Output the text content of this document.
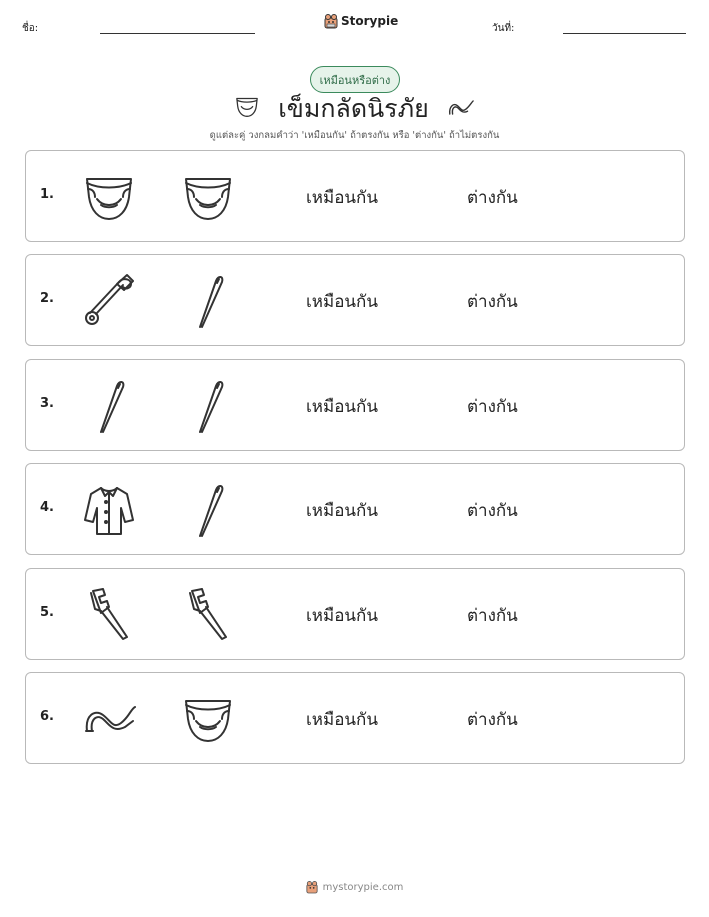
ชื่อ:
Storypie
วันที่:
เหมือนหรือต่าง
เข็มกลัดนิรภัย
ดูแต่ละคู่ วงกลมคำว่า 'เหมือนกัน' ถ้าตรงกัน หรือ 'ต่างกัน' ถ้าไม่ตรงกัน
1.	เหมือนกัน	ต่างกัน
2.	เหมือนกัน	ต่างกัน
3.	เหมือนกัน	ต่างกัน
4.	เหมือนกัน	ต่างกัน
5.	เหมือนกัน	ต่างกัน
6.	เหมือนกัน	ต่างกัน
mystorypie.com
